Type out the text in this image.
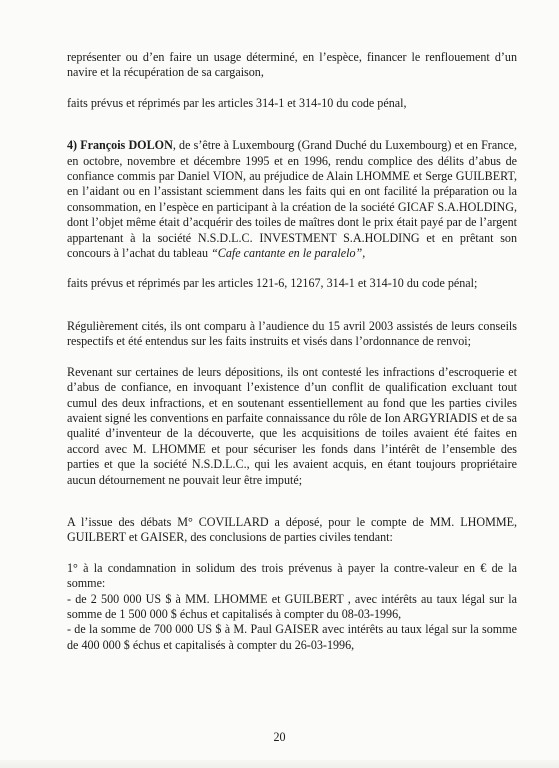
représenter ou d’en faire un usage déterminé, en l’espèce, financer le renflouement d’un navire et la récupération de sa cargaison,

faits prévus et réprimés par les articles 314-1 et 314-10 du code pénal,

4) François DOLON, de s’être à Luxembourg (Grand Duché du Luxembourg) et en France, en octobre, novembre et décembre 1995 et en 1996, rendu complice des délits d’abus de confiance commis par Daniel VION, au préjudice de Alain LHOMME et Serge GUILBERT, en l’aidant ou en l’assistant sciemment dans les faits qui en ont facilité la préparation ou la consommation, en l’espèce en participant à la création de la société GICAF S.A.HOLDING, dont l’objet même était d’acquérir des toiles de maîtres dont le prix était payé par de l’argent appartenant à la société N.S.D.L.C. INVESTMENT S.A.HOLDING et en prêtant son concours à l’achat du tableau “Cafe cantante en le paralelo”,

faits prévus et réprimés par les articles 121-6, 12167, 314-1 et 314-10 du code pénal;

Régulièrement cités, ils ont comparu à l’audience du 15 avril 2003 assistés de leurs conseils respectifs et été entendus sur les faits instruits et visés dans l’ordonnance de renvoi;

Revenant sur certaines de leurs dépositions, ils ont contesté les infractions d’escroquerie et d’abus de confiance, en invoquant l’existence d’un conflit de qualification excluant tout cumul des deux infractions, et en soutenant essentiellement au fond que les parties civiles avaient signé les conventions en parfaite connaissance du rôle de Ion ARGYRIADIS et de sa qualité d’inventeur de la découverte, que les acquisitions de toiles avaient été faites en accord avec M. LHOMME et pour sécuriser les fonds dans l’intérêt de l’ensemble des parties et que la société N.S.D.L.C., qui les avaient acquis, en étant toujours propriétaire aucun détournement ne pouvait leur être imputé;

A l’issue des débats M° COVILLARD a déposé, pour le compte de MM. LHOMME, GUILBERT et GAISER, des conclusions de parties civiles tendant:

1° à la condamnation in solidum des trois prévenus à payer la contre-valeur en € de la somme:
- de 2 500 000 US $ à MM. LHOMME et GUILBERT , avec intérêts au taux légal sur la somme de 1 500 000 $ échus et capitalisés à compter du 08-03-1996,
- de la somme de 700 000 US $ à M. Paul GAISER avec intérêts au taux légal sur la somme de 400 000 $ échus et capitalisés à compter du 26-03-1996,

20
